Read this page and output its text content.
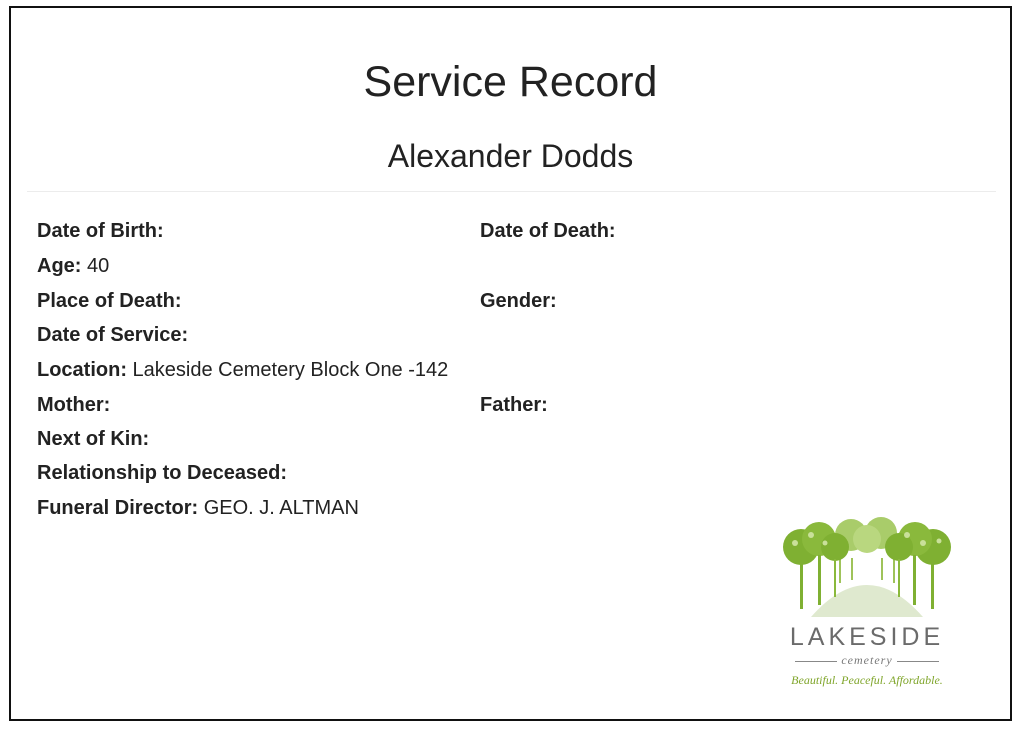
Service Record
Alexander Dodds
Date of Birth:	Date of Death:
Age: 40
Place of Death:	Gender:
Date of Service:
Location: Lakeside Cemetery Block One -142
Mother:	Father:
Next of Kin:
Relationship to Deceased:
Funeral Director: GEO. J. ALTMAN
LAKESIDE
cemetery
Beautiful. Peaceful. Affordable.
